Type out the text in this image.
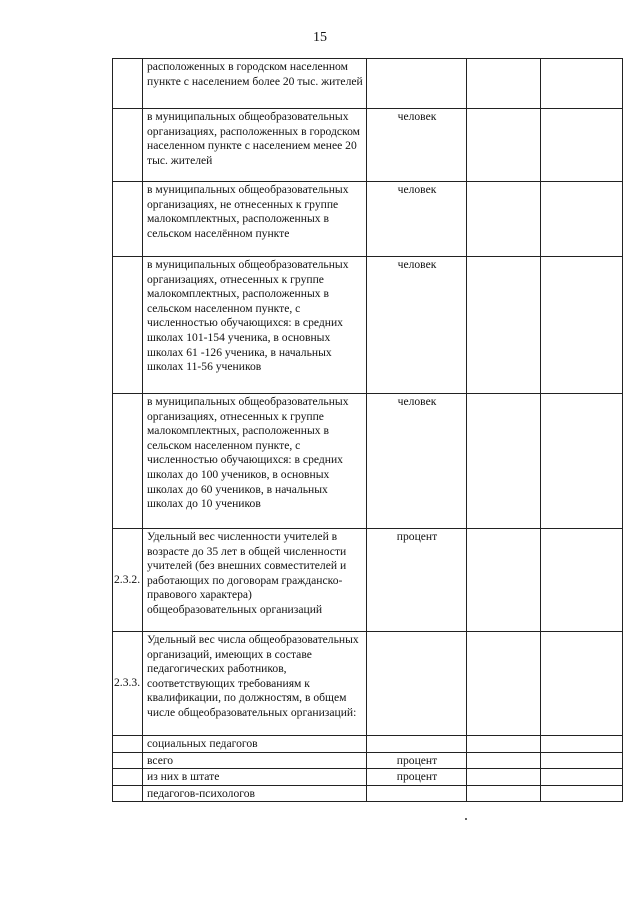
15
	расположенных в городском населенном пункте с населением более 20 тыс. жителей			
	в муниципальных общеобразовательных организациях, расположенных в городском населенном пункте с населением менее 20 тыс. жителей	человек		
	в муниципальных общеобразовательных организациях, не отнесенных к группе малокомплектных, расположенных в сельском населённом пункте	человек		
	в муниципальных общеобразовательных организациях, отнесенных к группе малокомплектных, расположенных в сельском населенном пункте, с численностью обучающихся: в средних школах 101-154 ученика, в основных школах 61 -126 ученика, в начальных школах 11-56 учеников	человек		
	в муниципальных общеобразовательных организациях, отнесенных к группе малокомплектных, расположенных в сельском населенном пункте, с численностью обучающихся: в средних школах до 100 учеников, в основных школах до 60 учеников, в начальных школах до 10 учеников	человек		
2.3.2.	Удельный вес численности учителей в возрасте до 35 лет в общей численности учителей (без внешних совместителей и работающих по договорам гражданско- правового характера) общеобразовательных организаций	процент		
2.3.3.	Удельный вес числа общеобразовательных организаций, имеющих в составе педагогических работников, соответствующих требованиям к квалификации, по должностям, в общем числе общеобразовательных организаций:			
	социальных педагогов			
	всего	процент		
	из них в штате	процент		
	педагогов-психологов			
